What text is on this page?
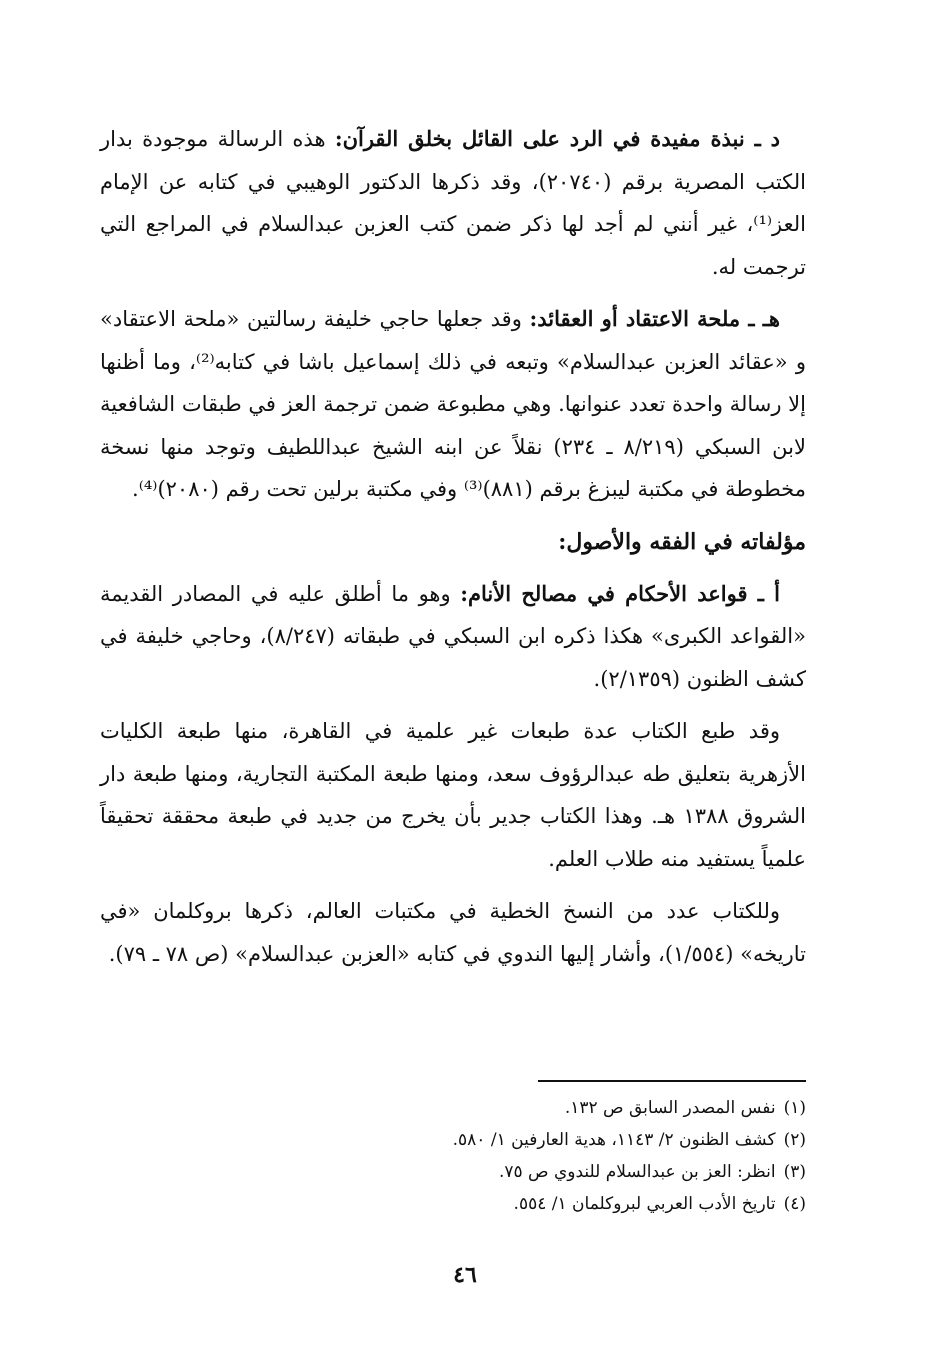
د ـ نبذة مفيدة في الرد على القائل بخلق القرآن: هذه الرسالة موجودة بدار الكتب المصرية برقم (٢٠٧٤٠)، وقد ذكرها الدكتور الوهيبي في كتابه عن الإمام العز⁽¹⁾، غير أنني لم أجد لها ذكر ضمن كتب العزبن عبدالسلام في المراجع التي ترجمت له.

هـ ـ ملحة الاعتقاد أو العقائد: وقد جعلها حاجي خليفة رسالتين «ملحة الاعتقاد» و «عقائد العزبن عبدالسلام» وتبعه في ذلك إسماعيل باشا في كتابه⁽²⁾، وما أظنها إلا رسالة واحدة تعدد عنوانها. وهي مطبوعة ضمن ترجمة العز في طبقات الشافعية لابن السبكي (٨/٢١٩ ـ ٢٣٤) نقلاً عن ابنه الشيخ عبداللطيف وتوجد منها نسخة مخطوطة في مكتبة ليبزغ برقم (٨٨١)⁽³⁾ وفي مكتبة برلين تحت رقم (٢٠٨٠)⁽⁴⁾.

مؤلفاته في الفقه والأصول:

أ ـ قواعد الأحكام في مصالح الأنام: وهو ما أطلق عليه في المصادر القديمة «القواعد الكبرى» هكذا ذكره ابن السبكي في طبقاته (٨/٢٤٧)، وحاجي خليفة في كشف الظنون (٢/١٣٥٩).

وقد طبع الكتاب عدة طبعات غير علمية في القاهرة، منها طبعة الكليات الأزهرية بتعليق طه عبدالرؤوف سعد، ومنها طبعة المكتبة التجارية، ومنها طبعة دار الشروق ١٣٨٨ هـ. وهذا الكتاب جدير بأن يخرج من جديد في طبعة محققة تحقيقاً علمياً يستفيد منه طلاب العلم.

وللكتاب عدد من النسخ الخطية في مكتبات العالم، ذكرها بروكلمان «في تاريخه» (١/٥٥٤)، وأشار إليها الندوي في كتابه «العزبن عبدالسلام» (ص ٧٨ ـ ٧٩).

(١)نفس المصدر السابق ص ١٣٢.
(٢)كشف الظنون ٢/ ١١٤٣، هدية العارفين ١/ ٥٨٠.
(٣)انظر: العز بن عبدالسلام للندوي ص ٧٥.
(٤)تاريخ الأدب العربي لبروكلمان ١/ ٥٥٤.
٤٦
